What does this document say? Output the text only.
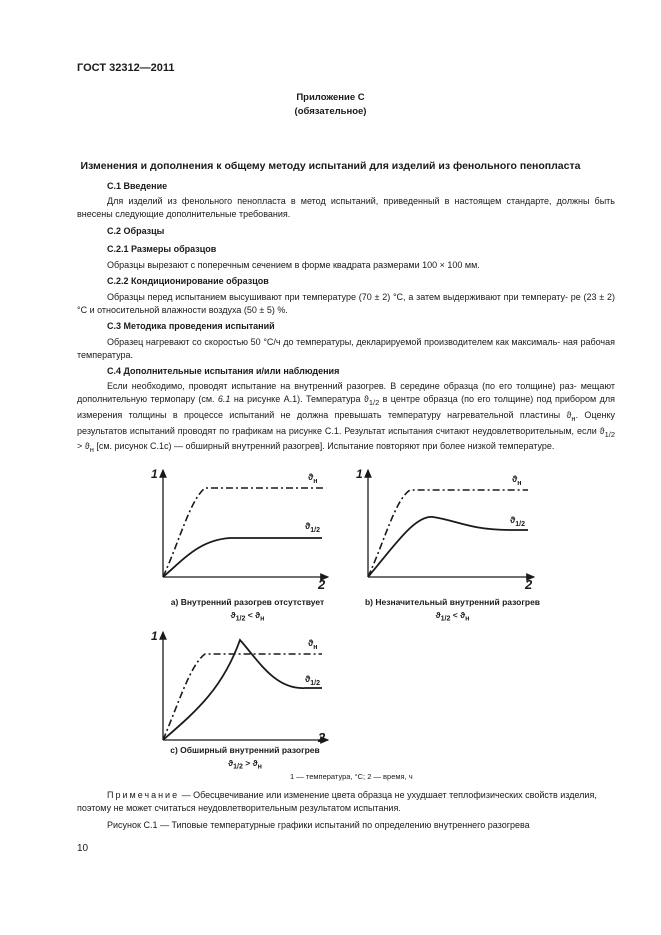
ГОСТ 32312—2011
Приложение С
(обязательное)
Изменения и дополнения к общему методу испытаний для изделий из фенольного пенопласта
С.1 Введение
Для изделий из фенольного пенопласта в метод испытаний, приведенный в настоящем стандарте, должны быть внесены следующие дополнительные требования.
С.2 Образцы
С.2.1 Размеры образцов
Образцы вырезают с поперечным сечением в форме квадрата размерами 100 × 100 мм.
С.2.2 Кондиционирование образцов
Образцы перед испытанием высушивают при температуре (70 ± 2) °С, а затем выдерживают при температу- ре (23 ± 2) °С и относительной влажности воздуха (50 ± 5) %.
С.3 Методика проведения испытаний
Образец нагревают со скоростью 50 °С/ч до температуры, декларируемой производителем как максималь- ная рабочая температура.
С.4 Дополнительные испытания и/или наблюдения
Если необходимо, проводят испытание на внутренний разогрев. В середине образца (по его толщине) раз- мещают дополнительную термопару (см. 6.1 на рисунке А.1). Температура $ϑ_{1/2}$ в центре образца (по его толщине) под прибором для измерения толщины в процессе испытаний не должна превышать температуру нагревательной пластины $ϑ_н$. Оценку результатов испытаний проводят по графикам на рисунке С.1. Результат испытания считают неудовлетворительным, если $ϑ_{1/2} > ϑ_н$ [см. рисунок С.1c) — обширный внутренний разогрев]. Испытание повторяют при более низкой температуре.
1
2
$ϑ_н$
$ϑ_{1/2}$
1
2
$ϑ_н$
$ϑ_{1/2}$
а) Внутренний разогрев отсутствует
$ϑ_{1/2} < ϑ_н$
b) Незначительный внутренний разогрев
$ϑ_{1/2} < ϑ_н$
1
2
$ϑ_н$
$ϑ_{1/2}$
с) Обширный внутренний разогрев
$ϑ_{1/2} > ϑ_н$
1 — температура, °С; 2 — время, ч
Примечание — Обесцвечивание или изменение цвета образца не ухудшает теплофизических свойств изделия, поэтому не может считаться неудовлетворительным результатом испытания.
Рисунок С.1 — Типовые температурные графики испытаний по определению внутреннего разогрева
10
